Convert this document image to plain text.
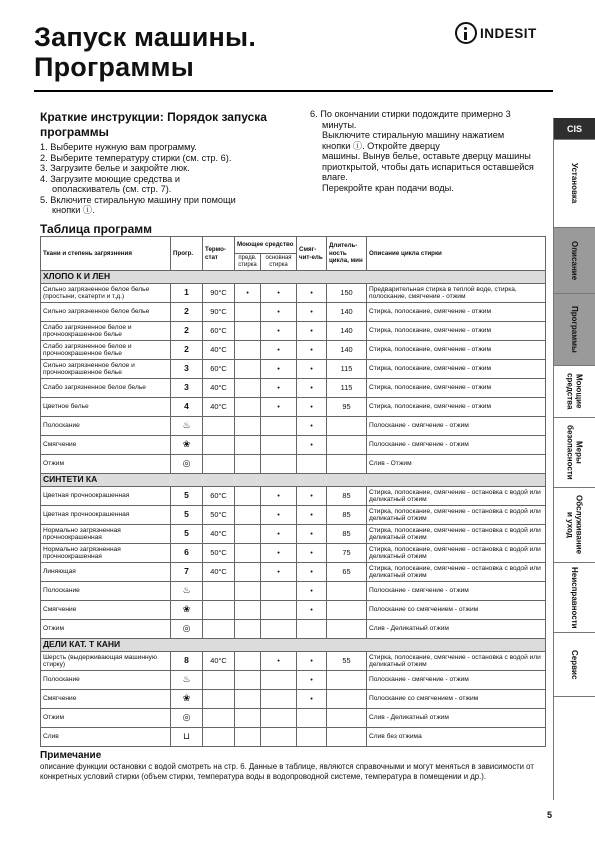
Запуск машины.
Программы
INDESIT
Краткие инструкции: Порядок запуска программы
1. Выберите нужную вам программу.
2. Выберите температуру стирки (см. стр. 6).
3. Загрузите белье и закройте люк.
4. Загрузите моющие средства и
ополаскиватель (см. стр. 7).
5. Включите стиральную машину при помощи
кнопки ⓘ.
6. По окончании стирки подождите примерно 3
минуты.
Выключите стиральную машину нажатием
кнопки ⓘ. Откройте дверцу
машины. Вынув белье, оставьте дверцу машины
приоткрытой, чтобы дать испариться оставшейся
влаге.
Перекройте кран подачи воды.
Таблица программ
Ткани и степень загрязнения	Прогр.	Термо-стат	Моющее средство		Смяг-чит-ель	Длитель-ность цикла, мин	Описание цикла стирки
			предв. стирка	основная стирка			
ХЛОПО К И ЛЕН							
Сильно загрязненное белое белье (простыни, скатерти и т.д.)	1	90°C	•	•	•	150	Предварительная стирка в теплой воде, стирка, полоскание, смягчение - отжим
Сильно загрязненное белое белье	2	90°C		•	•	140	Стирка, полоскание, смягчение - отжим
Слабо загрязненное белое и прочноокрашенное белье	2	60°C		•	•	140	Стирка, полоскание, смягчение - отжим
Слабо загрязненное белое и прочноокрашенное белье	2	40°C		•	•	140	Стирка, полоскание, смягчение - отжим
Сильно загрязненное белое и прочноокрашенное белье	3	60°C		•	•	115	Стирка, полоскание, смягчение - отжим
Слабо загрязненное белое белье	3	40°C		•	•	115	Стирка, полоскание, смягчение - отжим
Цветное белье	4	40°C		•	•	95	Стирка, полоскание, смягчение - отжим
Полоскание	♨				•		Полоскание - смягчение - отжим
Смягчение	❀				•		Полоскание - смягчение - отжим
Отжим	◎						Слив - Отжим
СИНТЕТИ КА							
Цветная прочноокрашенная	5	60°C		•	•	85	Стирка, полоскание, смягчение - остановка с водой или деликатный отжим
Цветная прочноокрашенная	5	50°C		•	•	85	Стирка, полоскание, смягчение - остановка с водой или деликатный отжим
Нормально загрязненная прочноокрашенная	5	40°C		•	•	85	Стирка, полоскание, смягчение - остановка с водой или деликатный отжим
Нормально загрязненная прочноокрашенная	6	50°C		•	•	75	Стирка, полоскание, смягчение - остановка с водой или деликатный отжим
Линяющая	7	40°C		•	•	65	Стирка, полоскание, смягчение - остановка с водой или деликатный отжим
Полоскание	♨				•		Полоскание - смягчение - отжим
Смягчение	❀				•		Полоскание со смягчением - отжим
Отжим	◎						Слив - Деликатный отжим
ДЕЛИ КАТ. Т КАНИ							
Шерсть (выдерживающая машинную стирку)	8	40°C		•	•	55	Стирка, полоскание, смягчение - остановка с водой или деликатный отжим
Полоскание	♨				•		Полоскание - смягчение - отжим
Смягчение	❀				•		Полоскание со смягчением - отжим
Отжим	◎						Слив - Деликатный отжим
Слив	⊔						Слив без отжима
Примечание
описание функции остановки с водой смотреть на стр. 6. Данные в таблице, являются справочными и могут меняться в зависимости от конкретных условий стирки (объем стирки, температура воды в водопроводной системе, температура в помещении и др.).
5
CIS
Установка
Описание
Программы
Моющие
средства
Меры
безопасности
Обслуживание
и уход
Неисправности
Сервис
